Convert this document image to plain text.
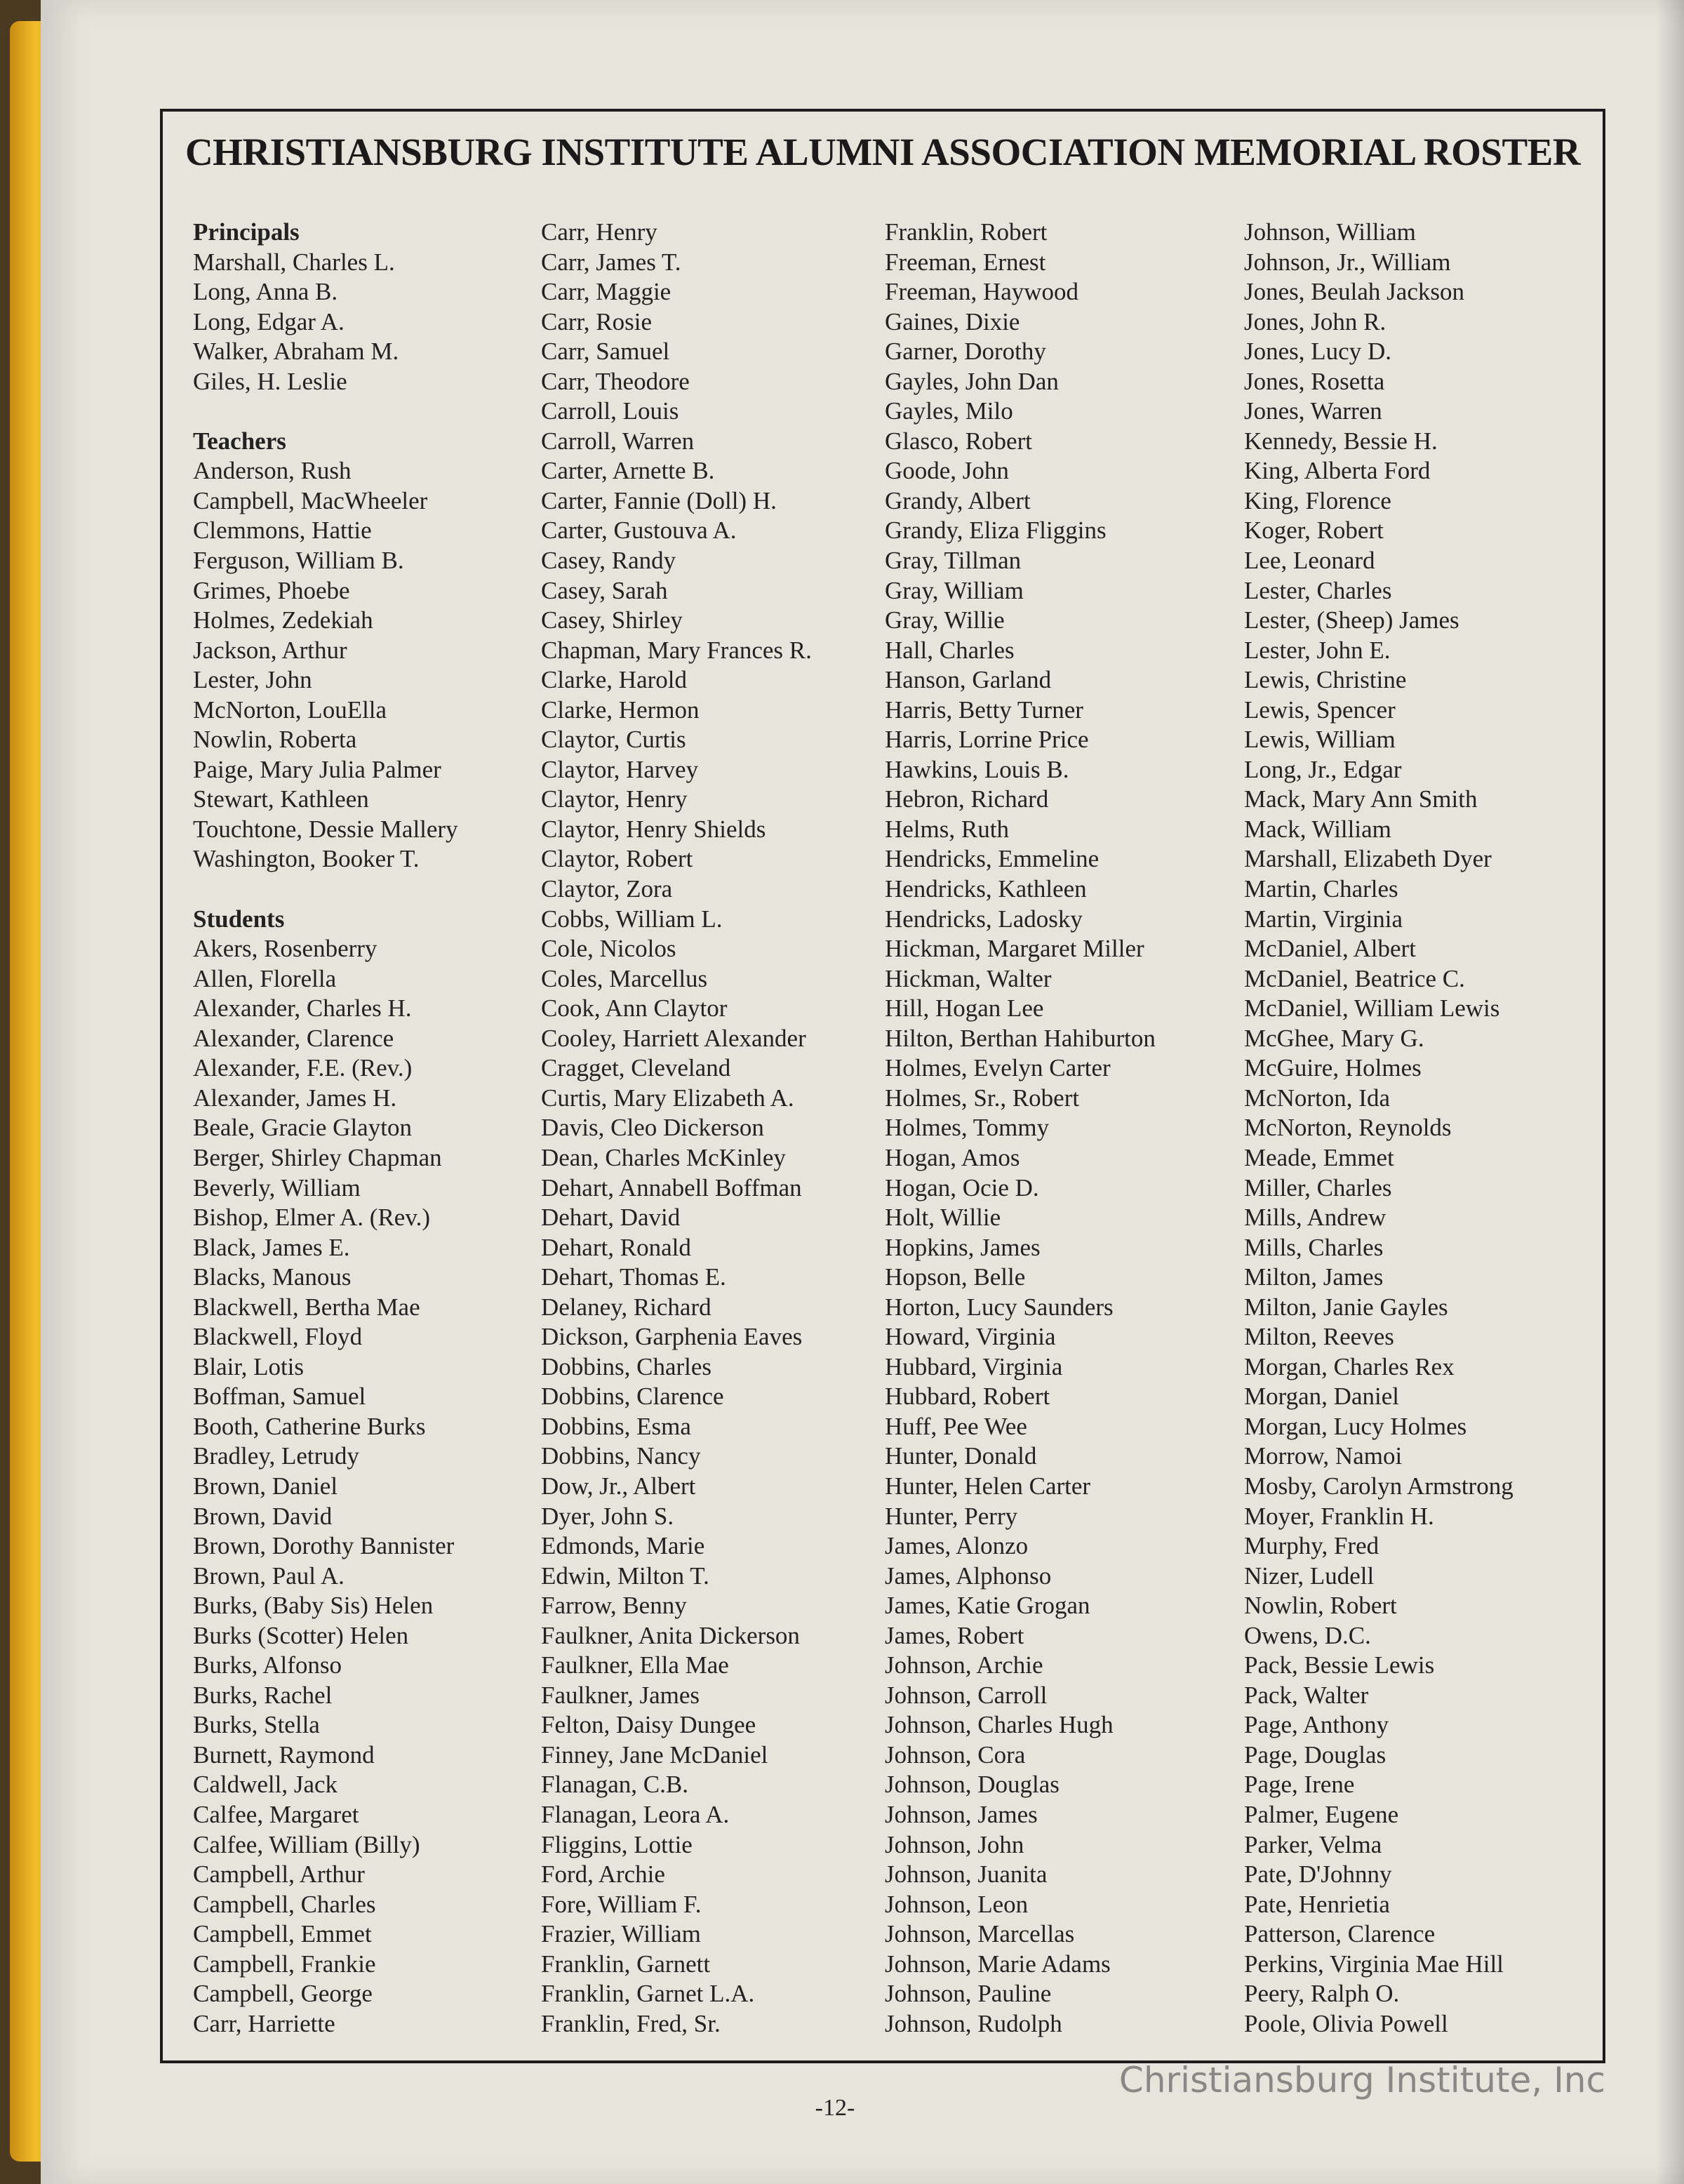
CHRISTIANSBURG INSTITUTE ALUMNI ASSOCIATION MEMORIAL ROSTER
Principals
Marshall, Charles L.
Long, Anna B.
Long, Edgar A.
Walker, Abraham M.
Giles, H. Leslie
Teachers
Anderson, Rush
Campbell, MacWheeler
Clemmons, Hattie
Ferguson, William B.
Grimes, Phoebe
Holmes, Zedekiah
Jackson, Arthur
Lester, John
McNorton, LouElla
Nowlin, Roberta
Paige, Mary Julia Palmer
Stewart, Kathleen
Touchtone, Dessie Mallery
Washington, Booker T.
Students
Akers, Rosenberry
Allen, Florella
Alexander, Charles H.
Alexander, Clarence
Alexander, F.E. (Rev.)
Alexander, James H.
Beale, Gracie Glayton
Berger, Shirley Chapman
Beverly, William
Bishop, Elmer A. (Rev.)
Black, James E.
Blacks, Manous
Blackwell, Bertha Mae
Blackwell, Floyd
Blair, Lotis
Boffman, Samuel
Booth, Catherine Burks
Bradley, Letrudy
Brown, Daniel
Brown, David
Brown, Dorothy Bannister
Brown, Paul A.
Burks, (Baby Sis) Helen
Burks (Scotter) Helen
Burks, Alfonso
Burks, Rachel
Burks, Stella
Burnett, Raymond
Caldwell, Jack
Calfee, Margaret
Calfee, William (Billy)
Campbell, Arthur
Campbell, Charles
Campbell, Emmet
Campbell, Frankie
Campbell, George
Carr, Harriette
Carr, Henry
Carr, James T.
Carr, Maggie
Carr, Rosie
Carr, Samuel
Carr, Theodore
Carroll, Louis
Carroll, Warren
Carter, Arnette B.
Carter, Fannie (Doll) H.
Carter, Gustouva A.
Casey, Randy
Casey, Sarah
Casey, Shirley
Chapman, Mary Frances R.
Clarke, Harold
Clarke, Hermon
Claytor, Curtis
Claytor, Harvey
Claytor, Henry
Claytor, Henry Shields
Claytor, Robert
Claytor, Zora
Cobbs, William L.
Cole, Nicolos
Coles, Marcellus
Cook, Ann Claytor
Cooley, Harriett Alexander
Cragget, Cleveland
Curtis, Mary Elizabeth A.
Davis, Cleo Dickerson
Dean, Charles McKinley
Dehart, Annabell Boffman
Dehart, David
Dehart, Ronald
Dehart, Thomas E.
Delaney, Richard
Dickson, Garphenia Eaves
Dobbins, Charles
Dobbins, Clarence
Dobbins, Esma
Dobbins, Nancy
Dow, Jr., Albert
Dyer, John S.
Edmonds, Marie
Edwin, Milton T.
Farrow, Benny
Faulkner, Anita Dickerson
Faulkner, Ella Mae
Faulkner, James
Felton, Daisy Dungee
Finney, Jane McDaniel
Flanagan, C.B.
Flanagan, Leora A.
Fliggins, Lottie
Ford, Archie
Fore, William F.
Frazier, William
Franklin, Garnett
Franklin, Garnet L.A.
Franklin, Fred, Sr.
Franklin, Robert
Freeman, Ernest
Freeman, Haywood
Gaines, Dixie
Garner, Dorothy
Gayles, John Dan
Gayles, Milo
Glasco, Robert
Goode, John
Grandy, Albert
Grandy, Eliza Fliggins
Gray, Tillman
Gray, William
Gray, Willie
Hall, Charles
Hanson, Garland
Harris, Betty Turner
Harris, Lorrine Price
Hawkins, Louis B.
Hebron, Richard
Helms, Ruth
Hendricks, Emmeline
Hendricks, Kathleen
Hendricks, Ladosky
Hickman, Margaret Miller
Hickman, Walter
Hill, Hogan Lee
Hilton, Berthan Hahiburton
Holmes, Evelyn Carter
Holmes, Sr., Robert
Holmes, Tommy
Hogan, Amos
Hogan, Ocie D.
Holt, Willie
Hopkins, James
Hopson, Belle
Horton, Lucy Saunders
Howard, Virginia
Hubbard, Virginia
Hubbard, Robert
Huff, Pee Wee
Hunter, Donald
Hunter, Helen Carter
Hunter, Perry
James, Alonzo
James, Alphonso
James, Katie Grogan
James, Robert
Johnson, Archie
Johnson, Carroll
Johnson, Charles Hugh
Johnson, Cora
Johnson, Douglas
Johnson, James
Johnson, John
Johnson, Juanita
Johnson, Leon
Johnson, Marcellas
Johnson, Marie Adams
Johnson, Pauline
Johnson, Rudolph
Johnson, William
Johnson, Jr., William
Jones, Beulah Jackson
Jones, John R.
Jones, Lucy D.
Jones, Rosetta
Jones, Warren
Kennedy, Bessie H.
King, Alberta Ford
King, Florence
Koger, Robert
Lee, Leonard
Lester, Charles
Lester, (Sheep) James
Lester, John E.
Lewis, Christine
Lewis, Spencer
Lewis, William
Long, Jr., Edgar
Mack, Mary Ann Smith
Mack, William
Marshall, Elizabeth Dyer
Martin, Charles
Martin, Virginia
McDaniel, Albert
McDaniel, Beatrice C.
McDaniel, William Lewis
McGhee, Mary G.
McGuire, Holmes
McNorton, Ida
McNorton, Reynolds
Meade, Emmet
Miller, Charles
Mills, Andrew
Mills, Charles
Milton, James
Milton, Janie Gayles
Milton, Reeves
Morgan, Charles Rex
Morgan, Daniel
Morgan, Lucy Holmes
Morrow, Namoi
Mosby, Carolyn Armstrong
Moyer, Franklin H.
Murphy, Fred
Nizer, Ludell
Nowlin, Robert
Owens, D.C.
Pack, Bessie Lewis
Pack, Walter
Page, Anthony
Page, Douglas
Page, Irene
Palmer, Eugene
Parker, Velma
Pate, D'Johnny
Pate, Henrietia
Patterson, Clarence
Perkins, Virginia Mae Hill
Peery, Ralph O.
Poole, Olivia Powell
-12-
Christiansburg Institute, Inc
